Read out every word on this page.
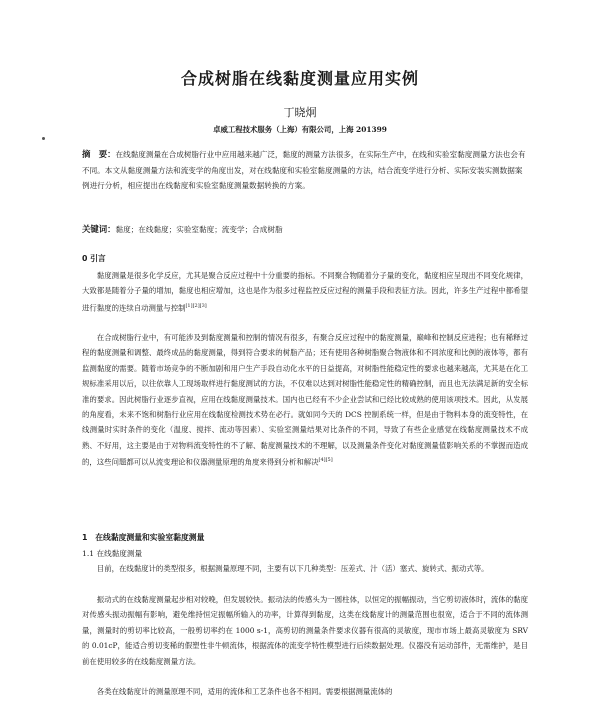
合成树脂在线黏度测量应用实例
丁晓炯
卓威工程技术服务（上海）有限公司，上海 201399
摘　要：在线黏度测量在合成树脂行业中应用越来越广泛，黏度的测量方法很多，在实际生产中，在线和实验室黏度测量方法也会有不同。本文从黏度测量方法和流变学的角度出发，对在线黏度和实验室黏度测量的方法，结合流变学进行分析、实际安装实测数据案例进行分析，相应提出在线黏度和实验室黏度测量数据转换的方案。
关键词：黏度；在线黏度；实验室黏度；流变学；合成树脂
0 引言
黏度测量是很多化学反应，尤其是聚合反应过程中十分重要的指标。不同聚合物随着分子量的变化，黏度相应呈现出不同变化规律，大致都是随着分子量的增加，黏度也相应增加，这也是作为很多过程监控反应过程的测量手段和表征方法。因此，许多生产过程中都希望进行黏度的连续自动测量与控制[1][2][3]
在合成树脂行业中，有可能涉及到黏度测量和控制的情况有很多，有聚合反应过程中的黏度测量，巅峰和控制反应进程；也有稀释过程的黏度测量和调整、最终成品的黏度测量，得到符合要求的树脂产品；还有使用各种树脂聚合物液体和不同浓度和比例的液体等，都有监测黏度的需要。随着市场竞争的不断加剧和用户生产手段自动化水平的日益提高，对树脂性能稳定性的要求也越来越高，尤其是在化工规标准采用以后，以往依靠人工现场取样进行黏度测试的方法，不仅难以达到对树脂性能稳定性的精确控制，而且也无法满足新的安全标准的要求。因此树脂行业逐步直视，应用在线黏度测量技术。国内也已经有不少企业尝试和已经比较成熟的使用该项技术。因此，从发展的角度看，未来不饱和树脂行业应用在线黏度检测技术势在必行。就如同今天的 DCS 控制系统一样，但是由于物料本身的流变特性，在线测量时实时条件的变化（温度、搅拌、流动等因素）、实验室测量结果对比条件的不同，导致了有些企业感觉在线黏度测量技术不成熟、不好用，这主要是由于对物料流变特性的不了解、黏度测量技术的不理解，以及测量条件变化对黏度测量值影响关系的不掌握而造成的，这些问题都可以从流变理论和仪器测量原理的角度来得到分析和解决[4][5]
1　在线黏度测量和实验室黏度测量
1.1 在线黏度测量
目前，在线黏度计的类型很多，根据测量原理不同，主要有以下几种类型：压差式、汁（活）塞式、旋转式、振动式等。
振动式的在线黏度测量起步相对较晚，但发展较快。振动法的传感头为一圆柱体，以恒定的振幅振动，当它剪切液体时，流体的黏度对传感头振动振幅有影响，避免维持恒定振幅所输入的功率，计算得到黏度，这类在线黏度计的测量范围也很宽，适合于不同的流体测量，测量时的剪切率比较高，一般剪切率约在 1000 s-1，高剪切的测量条件要求仪器有很高的灵敏度，现市市场上最高灵敏度为 SRV 的 0.01cP，能适合剪切变稀的假塑性非牛顿流体，根据流体的流变学特性模型进行后续数据处理。仪器没有运动部件，无需维护，是目前在使用较多的在线黏度测量方法。
各类在线黏度计的测量原理不同，适用的流体和工艺条件也各不相同。需要根据测量流体的
